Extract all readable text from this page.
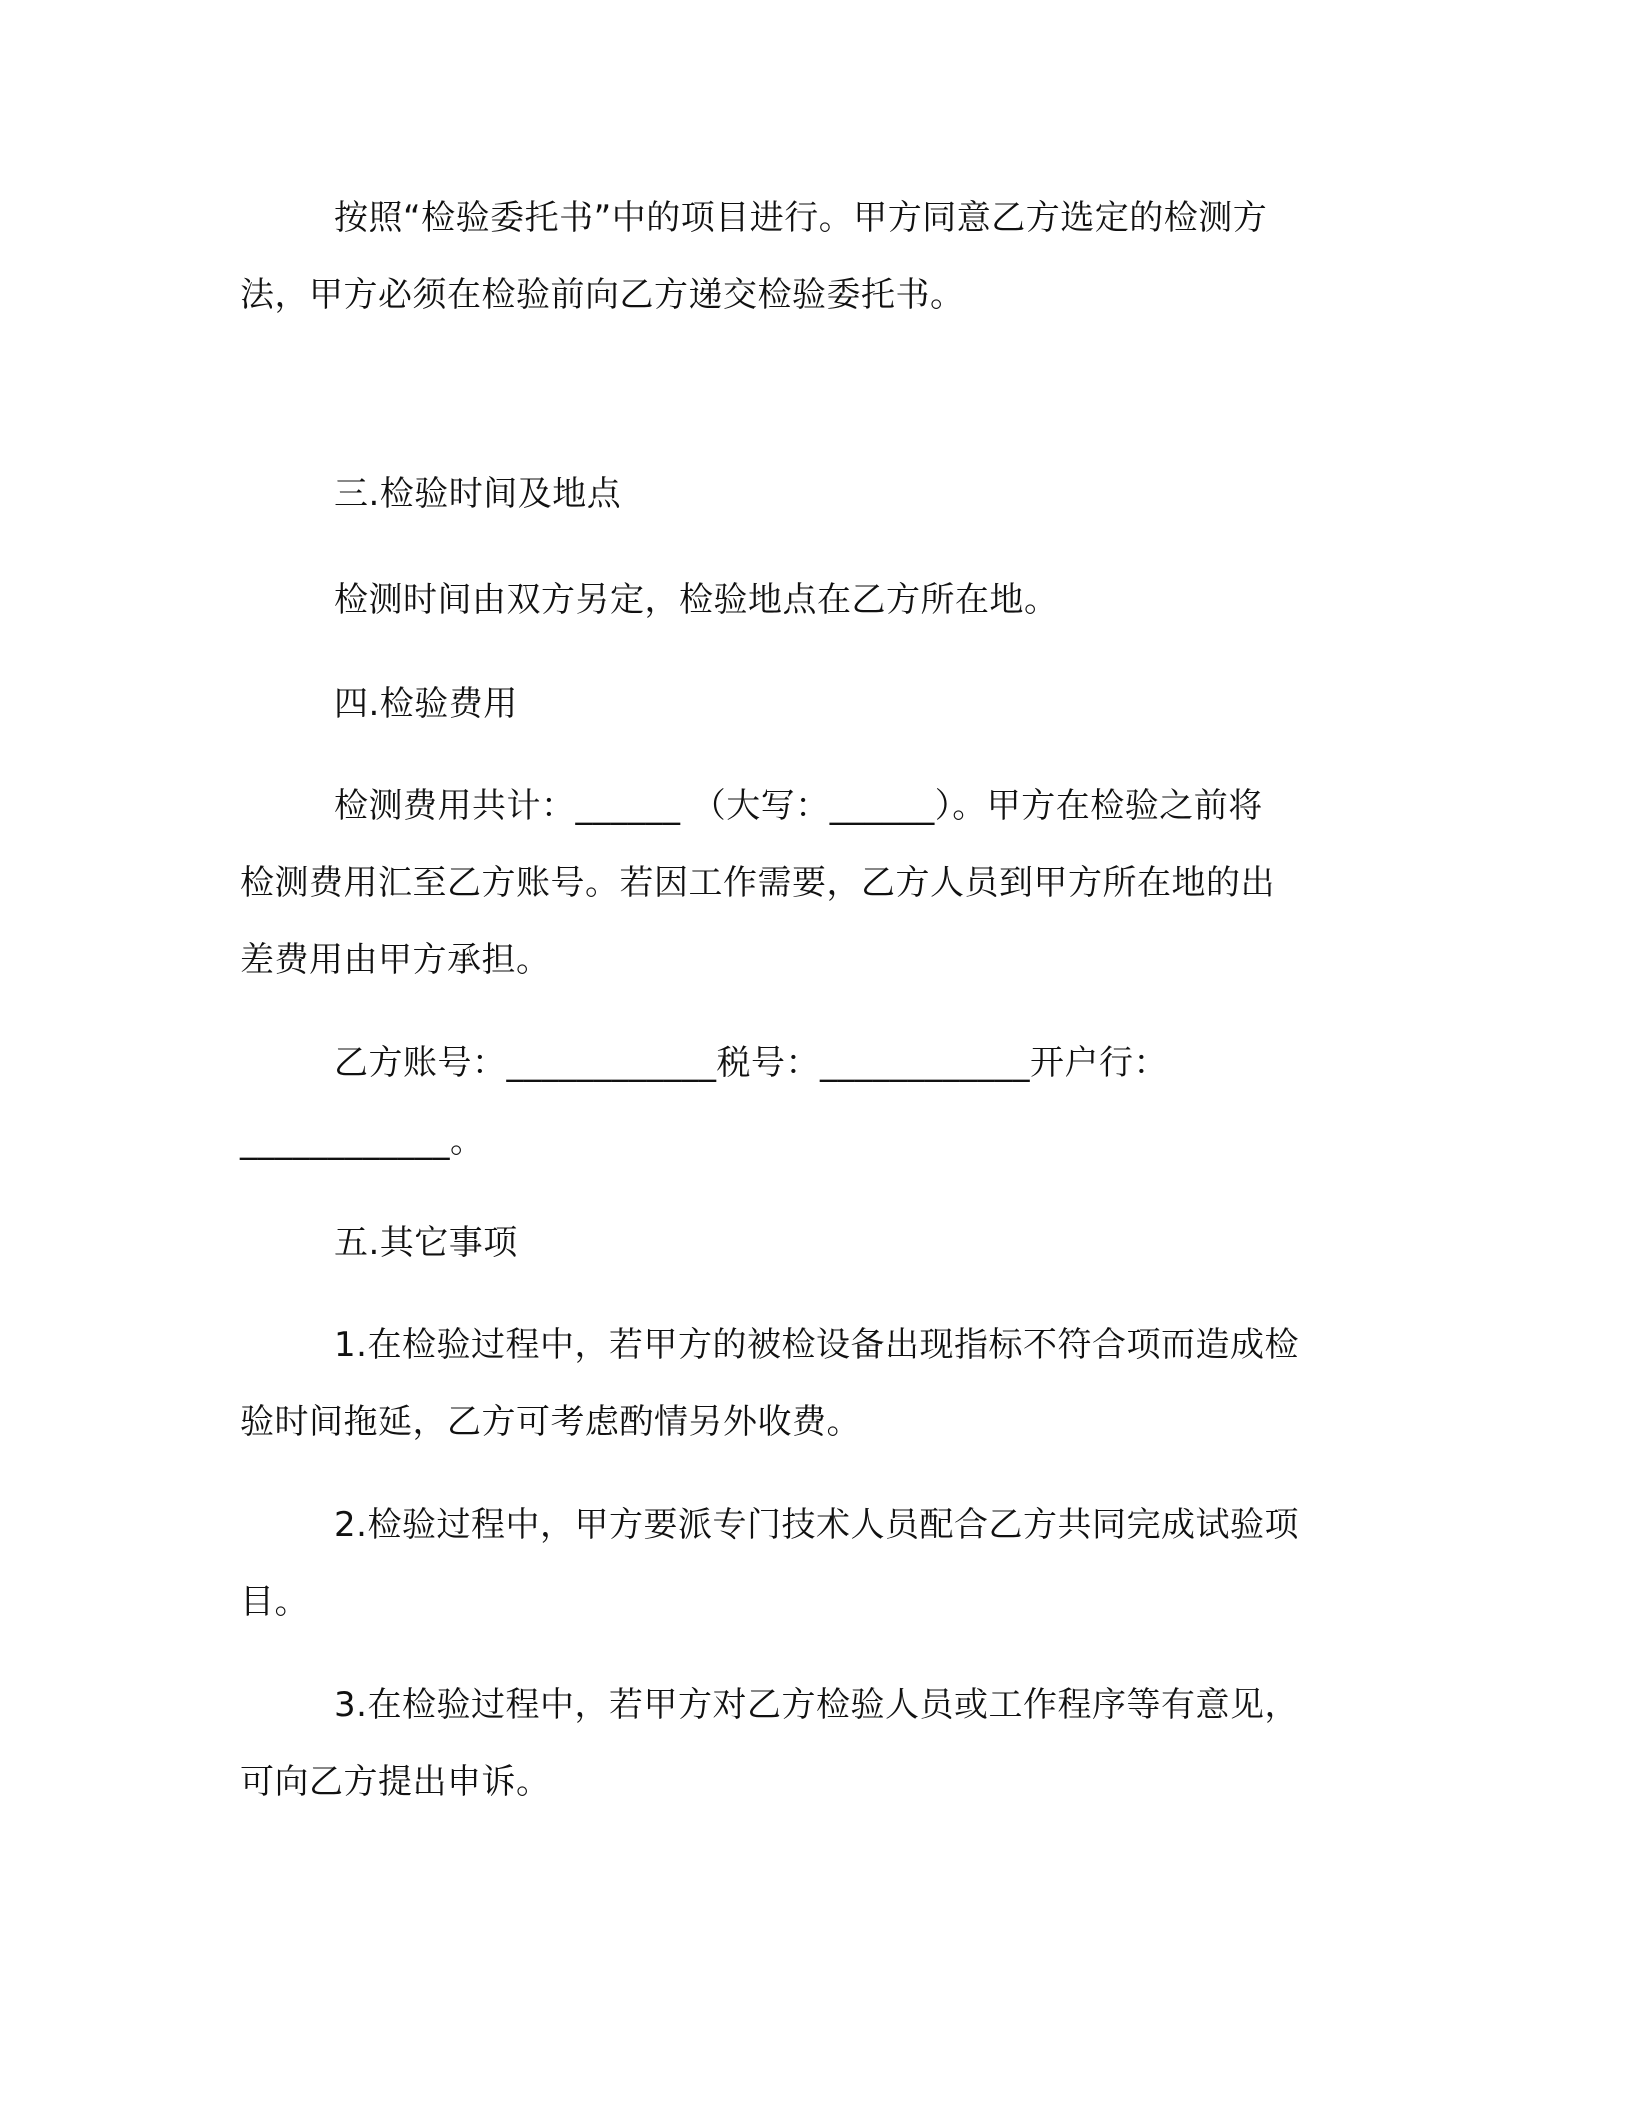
按照“检验委托书”中的项目进行。甲方同意乙方选定的检测方
法，甲方必须在检验前向乙方递交检验委托书。
三.检验时间及地点
检测时间由双方另定，检验地点在乙方所在地。
四.检验费用
检测费用共计：______ （大写：______）。甲方在检验之前将
检测费用汇至乙方账号。若因工作需要，乙方人员到甲方所在地的出
差费用由甲方承担。
乙方账号：____________税号：____________开户行：
____________。
五.其它事项
1.在检验过程中，若甲方的被检设备出现指标不符合项而造成检
验时间拖延，乙方可考虑酌情另外收费。
2.检验过程中，甲方要派专门技术人员配合乙方共同完成试验项
目。
3.在检验过程中，若甲方对乙方检验人员或工作程序等有意见，
可向乙方提出申诉。
